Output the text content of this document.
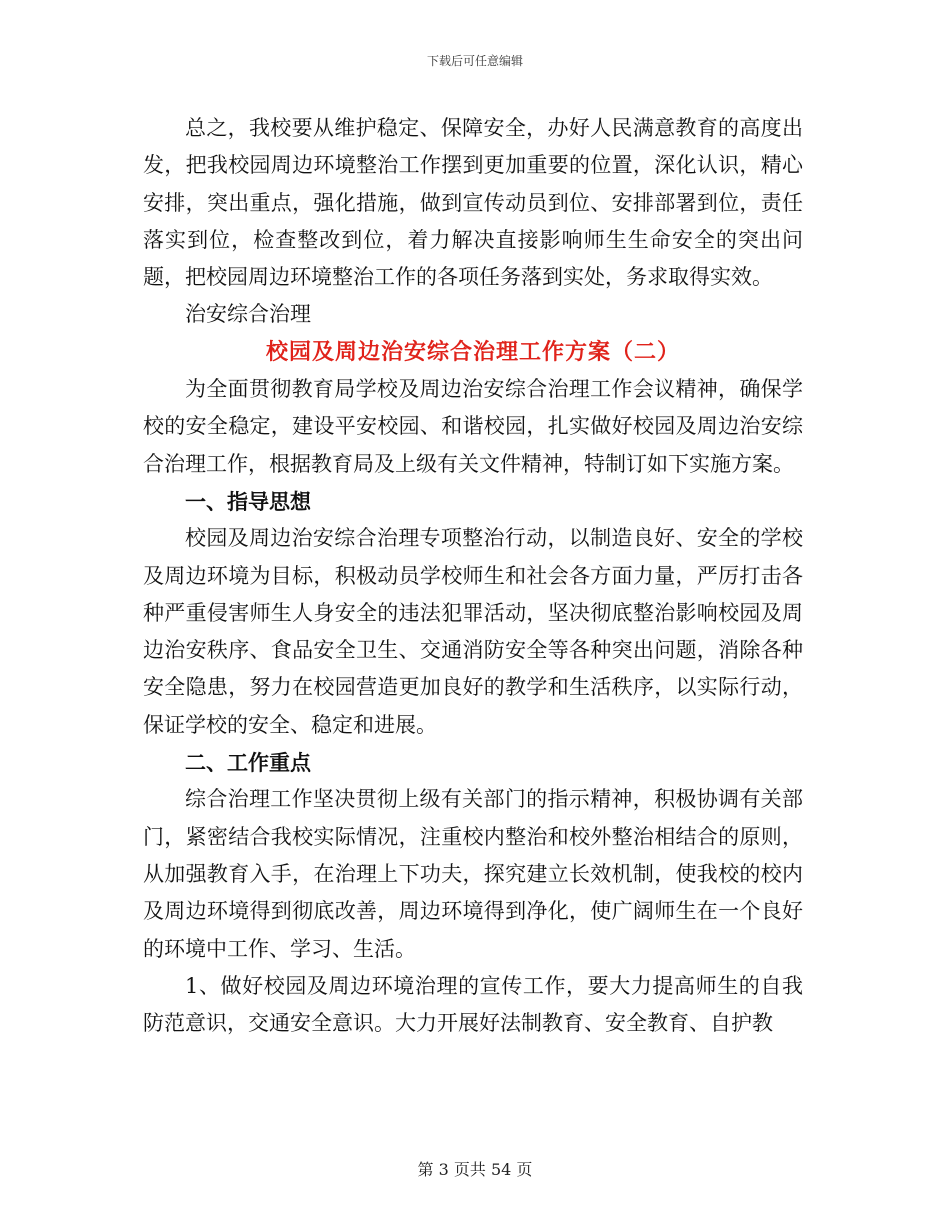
下载后可任意编辑

总之，我校要从维护稳定、保障安全，办好人民满意教育的高度出发，把我校园周边环境整治工作摆到更加重要的位置，深化认识，精心安排，突出重点，强化措施，做到宣传动员到位、安排部署到位，责任落实到位，检查整改到位，着力解决直接影响师生生命安全的突出问题，把校园周边环境整治工作的各项任务落到实处，务求取得实效。

治安综合治理

校园及周边治安综合治理工作方案（二）

为全面贯彻教育局学校及周边治安综合治理工作会议精神，确保学校的安全稳定，建设平安校园、和谐校园，扎实做好校园及周边治安综合治理工作，根据教育局及上级有关文件精神，特制订如下实施方案。

一、指导思想

校园及周边治安综合治理专项整治行动，以制造良好、安全的学校及周边环境为目标，积极动员学校师生和社会各方面力量，严厉打击各种严重侵害师生人身安全的违法犯罪活动，坚决彻底整治影响校园及周边治安秩序、食品安全卫生、交通消防安全等各种突出问题，消除各种安全隐患，努力在校园营造更加良好的教学和生活秩序，以实际行动，保证学校的安全、稳定和进展。

二、工作重点

综合治理工作坚决贯彻上级有关部门的指示精神，积极协调有关部门，紧密结合我校实际情况，注重校内整治和校外整治相结合的原则，从加强教育入手，在治理上下功夫，探究建立长效机制，使我校的校内及周边环境得到彻底改善，周边环境得到净化，使广阔师生在一个良好的环境中工作、学习、生活。

1、做好校园及周边环境治理的宣传工作，要大力提高师生的自我防范意识，交通安全意识。大力开展好法制教育、安全教育、自护教

第 3 页共 54 页
